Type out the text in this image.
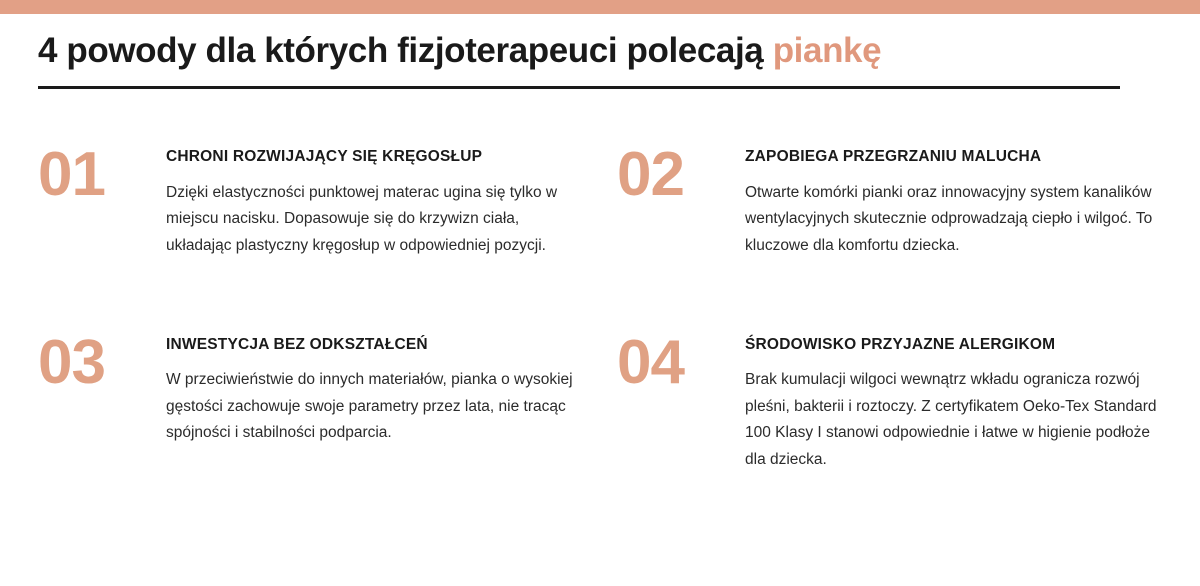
4 powody dla których fizjoterapeuci polecają piankę
01	CHRONI ROZWIJAJĄCY SIĘ KRĘGOSŁUP
Dzięki elastyczności punktowej materac ugina się tylko w miejscu nacisku. Dopasowuje się do krzywizn ciała, układając plastyczny kręgosłup w odpowiedniej pozycji.
02	ZAPOBIEGA PRZEGRZANIU MALUCHA
Otwarte komórki pianki oraz innowacyjny system kanalików wentylacyjnych skutecznie odprowadzają ciepło i wilgoć. To kluczowe dla komfortu dziecka.
03	INWESTYCJA BEZ ODKSZTAŁCEŃ
W przeciwieństwie do innych materiałów, pianka o wysokiej gęstości zachowuje swoje parametry przez lata, nie tracąc spójności i stabilności podparcia.
04	ŚRODOWISKO PRZYJAZNE ALERGIKOM
Brak kumulacji wilgoci wewnątrz wkładu ogranicza rozwój pleśni, bakterii i roztoczy. Z certyfikatem Oeko-Tex Standard 100 Klasy I stanowi odpowiednie i łatwe w higienie podłoże dla dziecka.
